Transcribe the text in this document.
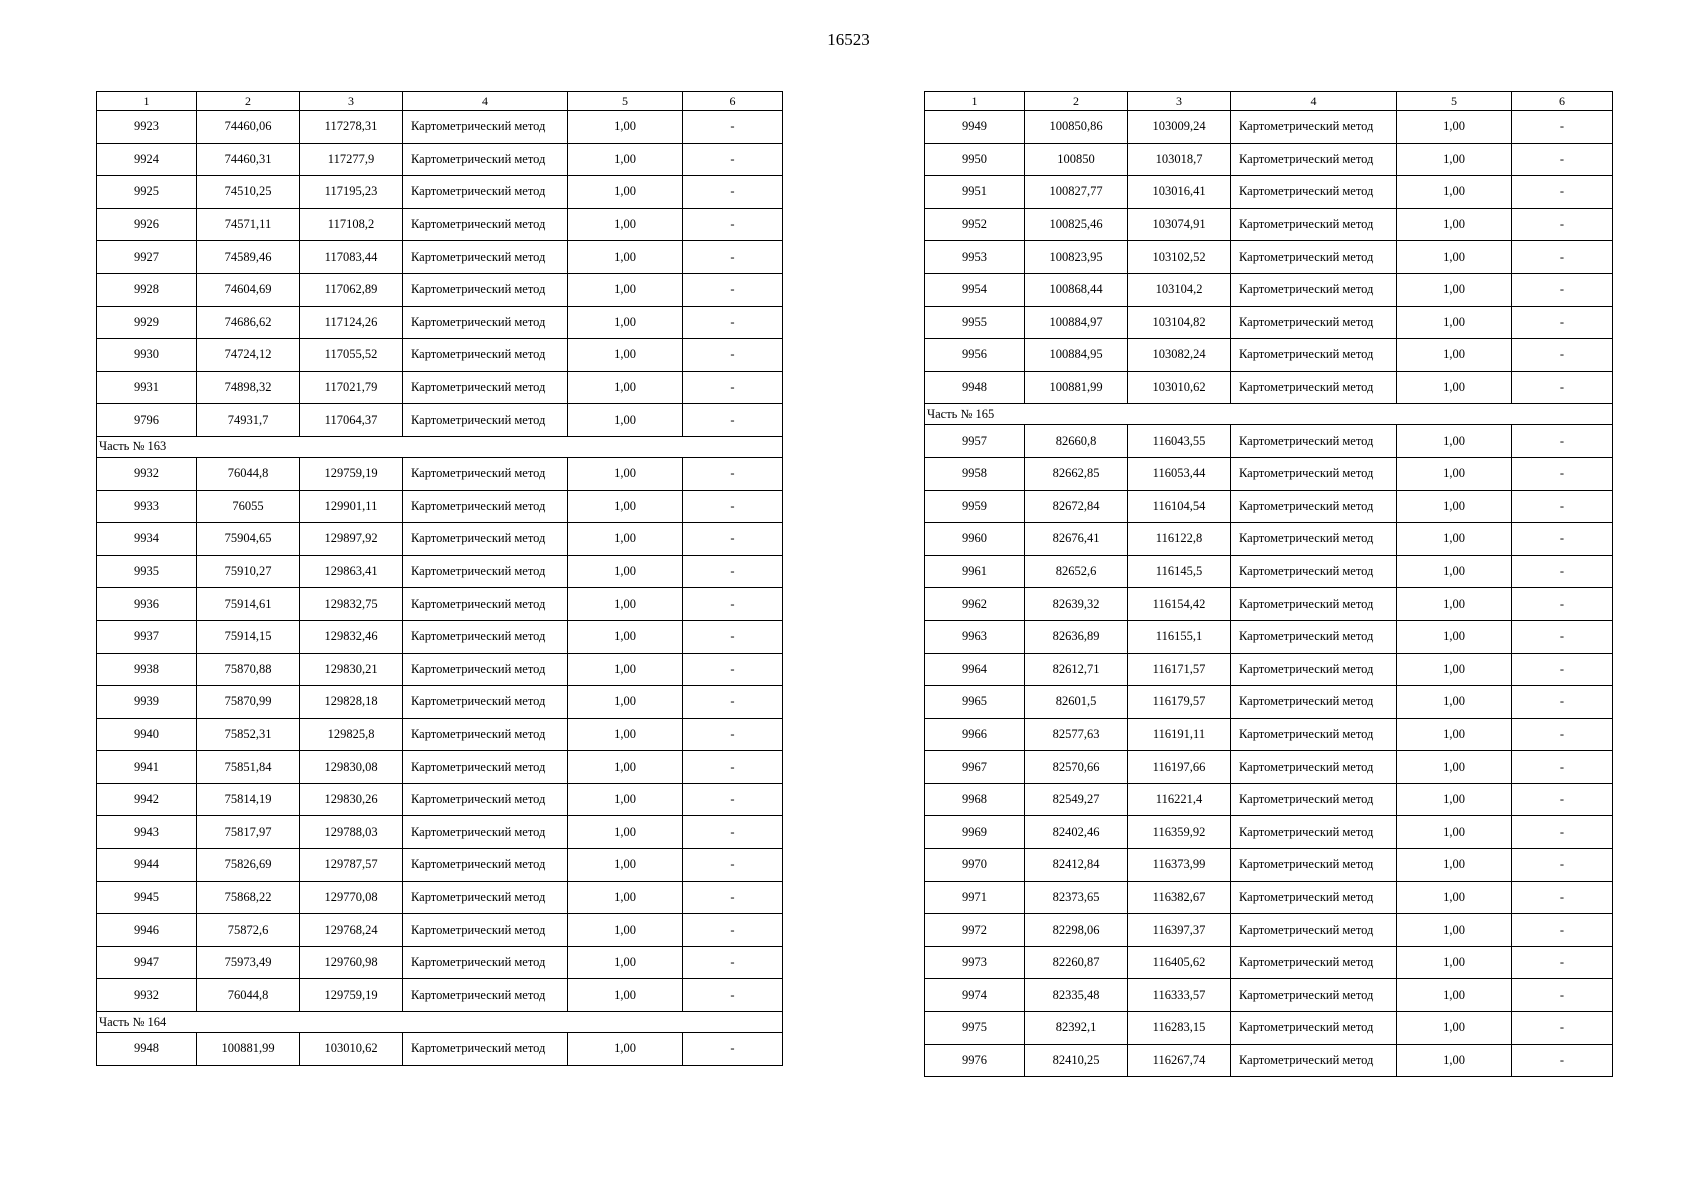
16523
1	2	3	4	5	6
9923	74460,06	117278,31	Картометрический метод	1,00	-
9924	74460,31	117277,9	Картометрический метод	1,00	-
9925	74510,25	117195,23	Картометрический метод	1,00	-
9926	74571,11	117108,2	Картометрический метод	1,00	-
9927	74589,46	117083,44	Картометрический метод	1,00	-
9928	74604,69	117062,89	Картометрический метод	1,00	-
9929	74686,62	117124,26	Картометрический метод	1,00	-
9930	74724,12	117055,52	Картометрический метод	1,00	-
9931	74898,32	117021,79	Картометрический метод	1,00	-
9796	74931,7	117064,37	Картометрический метод	1,00	-
Часть № 163					
9932	76044,8	129759,19	Картометрический метод	1,00	-
9933	76055	129901,11	Картометрический метод	1,00	-
9934	75904,65	129897,92	Картометрический метод	1,00	-
9935	75910,27	129863,41	Картометрический метод	1,00	-
9936	75914,61	129832,75	Картометрический метод	1,00	-
9937	75914,15	129832,46	Картометрический метод	1,00	-
9938	75870,88	129830,21	Картометрический метод	1,00	-
9939	75870,99	129828,18	Картометрический метод	1,00	-
9940	75852,31	129825,8	Картометрический метод	1,00	-
9941	75851,84	129830,08	Картометрический метод	1,00	-
9942	75814,19	129830,26	Картометрический метод	1,00	-
9943	75817,97	129788,03	Картометрический метод	1,00	-
9944	75826,69	129787,57	Картометрический метод	1,00	-
9945	75868,22	129770,08	Картометрический метод	1,00	-
9946	75872,6	129768,24	Картометрический метод	1,00	-
9947	75973,49	129760,98	Картометрический метод	1,00	-
9932	76044,8	129759,19	Картометрический метод	1,00	-
Часть № 164					
9948	100881,99	103010,62	Картометрический метод	1,00	-
1	2	3	4	5	6
9949	100850,86	103009,24	Картометрический метод	1,00	-
9950	100850	103018,7	Картометрический метод	1,00	-
9951	100827,77	103016,41	Картометрический метод	1,00	-
9952	100825,46	103074,91	Картометрический метод	1,00	-
9953	100823,95	103102,52	Картометрический метод	1,00	-
9954	100868,44	103104,2	Картометрический метод	1,00	-
9955	100884,97	103104,82	Картометрический метод	1,00	-
9956	100884,95	103082,24	Картометрический метод	1,00	-
9948	100881,99	103010,62	Картометрический метод	1,00	-
Часть № 165					
9957	82660,8	116043,55	Картометрический метод	1,00	-
9958	82662,85	116053,44	Картометрический метод	1,00	-
9959	82672,84	116104,54	Картометрический метод	1,00	-
9960	82676,41	116122,8	Картометрический метод	1,00	-
9961	82652,6	116145,5	Картометрический метод	1,00	-
9962	82639,32	116154,42	Картометрический метод	1,00	-
9963	82636,89	116155,1	Картометрический метод	1,00	-
9964	82612,71	116171,57	Картометрический метод	1,00	-
9965	82601,5	116179,57	Картометрический метод	1,00	-
9966	82577,63	116191,11	Картометрический метод	1,00	-
9967	82570,66	116197,66	Картометрический метод	1,00	-
9968	82549,27	116221,4	Картометрический метод	1,00	-
9969	82402,46	116359,92	Картометрический метод	1,00	-
9970	82412,84	116373,99	Картометрический метод	1,00	-
9971	82373,65	116382,67	Картометрический метод	1,00	-
9972	82298,06	116397,37	Картометрический метод	1,00	-
9973	82260,87	116405,62	Картометрический метод	1,00	-
9974	82335,48	116333,57	Картометрический метод	1,00	-
9975	82392,1	116283,15	Картометрический метод	1,00	-
9976	82410,25	116267,74	Картометрический метод	1,00	-
